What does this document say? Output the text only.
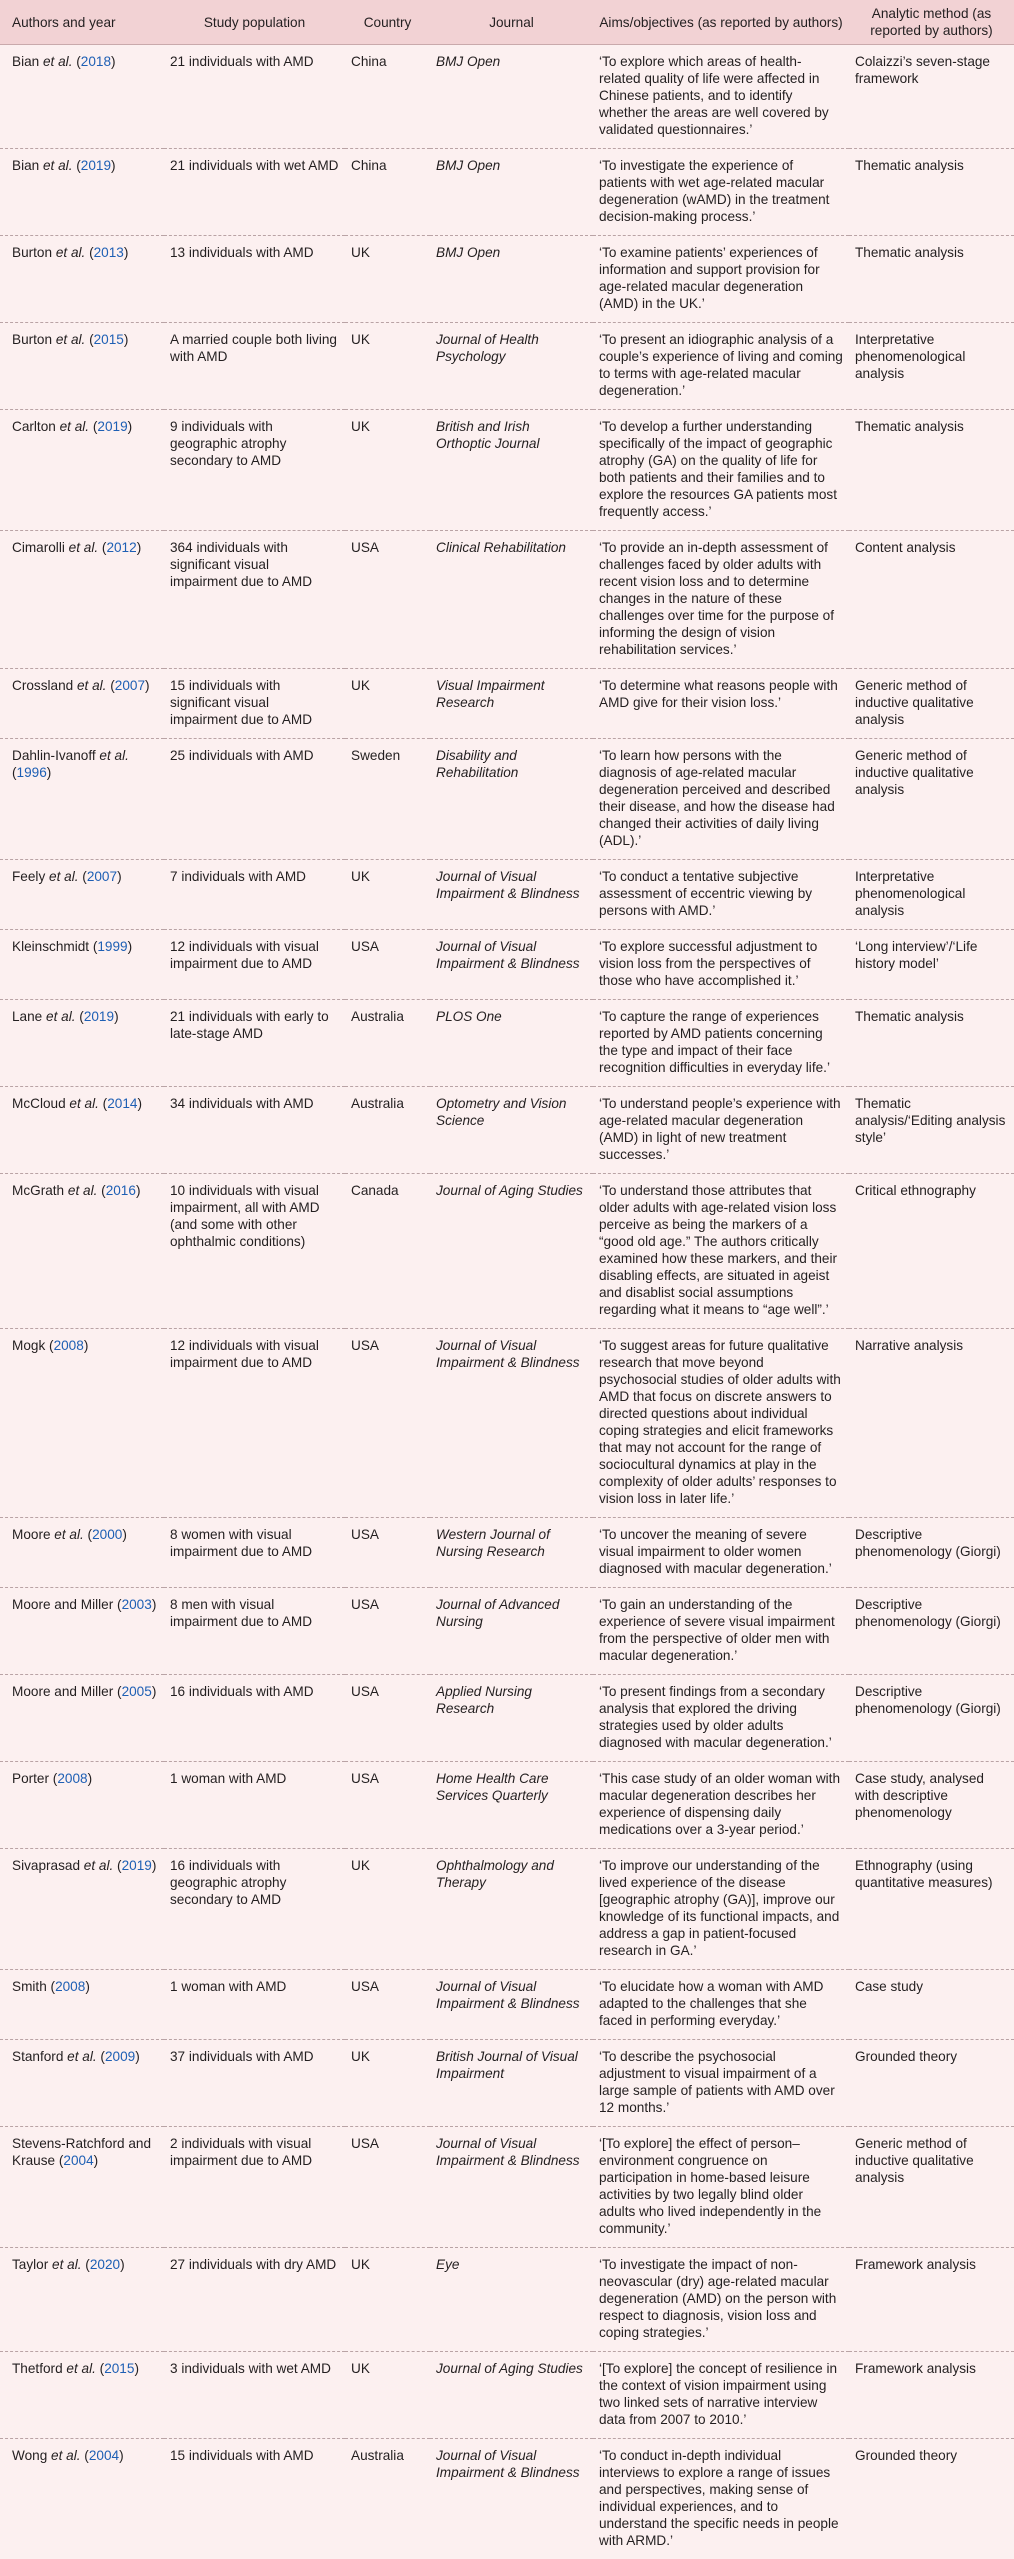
Authors and year	Study population	Country	Journal	Aims/objectives (as reported by authors)	Analytic method (as reported by authors)
Bian et al. (2018)	21 individuals with AMD	China	BMJ Open	‘To explore which areas of health-related quality of life were affected in Chinese patients, and to identify whether the areas are well covered by validated questionnaires.’	Colaizzi’s seven-stage framework
Bian et al. (2019)	21 individuals with wet AMD	China	BMJ Open	‘To investigate the experience of patients with wet age-related macular degeneration (wAMD) in the treatment decision-making process.’	Thematic analysis
Burton et al. (2013)	13 individuals with AMD	UK	BMJ Open	‘To examine patients’ experiences of information and support provision for age-related macular degeneration (AMD) in the UK.’	Thematic analysis
Burton et al. (2015)	A married couple both living with AMD	UK	Journal of Health Psychology	‘To present an idiographic analysis of a couple’s experience of living and coming to terms with age-related macular degeneration.’	Interpretative phenomenological analysis
Carlton et al. (2019)	9 individuals with geographic atrophy secondary to AMD	UK	British and Irish Orthoptic Journal	‘To develop a further understanding specifically of the impact of geographic atrophy (GA) on the quality of life for both patients and their families and to explore the resources GA patients most frequently access.’	Thematic analysis
Cimarolli et al. (2012)	364 individuals with significant visual impairment due to AMD	USA	Clinical Rehabilitation	‘To provide an in-depth assessment of challenges faced by older adults with recent vision loss and to determine changes in the nature of these challenges over time for the purpose of informing the design of vision rehabilitation services.’	Content analysis
Crossland et al. (2007)	15 individuals with significant visual impairment due to AMD	UK	Visual Impairment Research	‘To determine what reasons people with AMD give for their vision loss.’	Generic method of inductive qualitative analysis
Dahlin-Ivanoff et al. (1996)	25 individuals with AMD	Sweden	Disability and Rehabilitation	‘To learn how persons with the diagnosis of age-related macular degeneration perceived and described their disease, and how the disease had changed their activities of daily living (ADL).’	Generic method of inductive qualitative analysis
Feely et al. (2007)	7 individuals with AMD	UK	Journal of Visual Impairment & Blindness	‘To conduct a tentative subjective assessment of eccentric viewing by persons with AMD.’	Interpretative phenomenological analysis
Kleinschmidt (1999)	12 individuals with visual impairment due to AMD	USA	Journal of Visual Impairment & Blindness	‘To explore successful adjustment to vision loss from the perspectives of those who have accomplished it.’	‘Long interview’/‘Life history model’
Lane et al. (2019)	21 individuals with early to late-stage AMD	Australia	PLOS One	‘To capture the range of experiences reported by AMD patients concerning the type and impact of their face recognition difficulties in everyday life.’	Thematic analysis
McCloud et al. (2014)	34 individuals with AMD	Australia	Optometry and Vision Science	‘To understand people’s experience with age-related macular degeneration (AMD) in light of new treatment successes.’	Thematic analysis/‘Editing analysis style’
McGrath et al. (2016)	10 individuals with visual impairment, all with AMD (and some with other ophthalmic conditions)	Canada	Journal of Aging Studies	‘To understand those attributes that older adults with age-related vision loss perceive as being the markers of a “good old age.” The authors critically examined how these markers, and their disabling effects, are situated in ageist and disablist social assumptions regarding what it means to “age well”.’	Critical ethnography
Mogk (2008)	12 individuals with visual impairment due to AMD	USA	Journal of Visual Impairment & Blindness	‘To suggest areas for future qualitative research that move beyond psychosocial studies of older adults with AMD that focus on discrete answers to directed questions about individual coping strategies and elicit frameworks that may not account for the range of sociocultural dynamics at play in the complexity of older adults’ responses to vision loss in later life.’	Narrative analysis
Moore et al. (2000)	8 women with visual impairment due to AMD	USA	Western Journal of Nursing Research	‘To uncover the meaning of severe visual impairment to older women diagnosed with macular degeneration.’	Descriptive phenomenology (Giorgi)
Moore and Miller (2003)	8 men with visual impairment due to AMD	USA	Journal of Advanced Nursing	‘To gain an understanding of the experience of severe visual impairment from the perspective of older men with macular degeneration.’	Descriptive phenomenology (Giorgi)
Moore and Miller (2005)	16 individuals with AMD	USA	Applied Nursing Research	‘To present findings from a secondary analysis that explored the driving strategies used by older adults diagnosed with macular degeneration.’	Descriptive phenomenology (Giorgi)
Porter (2008)	1 woman with AMD	USA	Home Health Care Services Quarterly	‘This case study of an older woman with macular degeneration describes her experience of dispensing daily medications over a 3-year period.’	Case study, analysed with descriptive phenomenology
Sivaprasad et al. (2019)	16 individuals with geographic atrophy secondary to AMD	UK	Ophthalmology and Therapy	‘To improve our understanding of the lived experience of the disease [geographic atrophy (GA)], improve our knowledge of its functional impacts, and address a gap in patient-focused research in GA.’	Ethnography (using quantitative measures)
Smith (2008)	1 woman with AMD	USA	Journal of Visual Impairment & Blindness	‘To elucidate how a woman with AMD adapted to the challenges that she faced in performing everyday.’	Case study
Stanford et al. (2009)	37 individuals with AMD	UK	British Journal of Visual Impairment	‘To describe the psychosocial adjustment to visual impairment of a large sample of patients with AMD over 12 months.’	Grounded theory
Stevens-Ratchford and Krause (2004)	2 individuals with visual impairment due to AMD	USA	Journal of Visual Impairment & Blindness	‘[To explore] the effect of person–environment congruence on participation in home-based leisure activities by two legally blind older adults who lived independently in the community.’	Generic method of inductive qualitative analysis
Taylor et al. (2020)	27 individuals with dry AMD	UK	Eye	‘To investigate the impact of non-neovascular (dry) age-related macular degeneration (AMD) on the person with respect to diagnosis, vision loss and coping strategies.’	Framework analysis
Thetford et al. (2015)	3 individuals with wet AMD	UK	Journal of Aging Studies	‘[To explore] the concept of resilience in the context of vision impairment using two linked sets of narrative interview data from 2007 to 2010.’	Framework analysis
Wong et al. (2004)	15 individuals with AMD	Australia	Journal of Visual Impairment & Blindness	‘To conduct in-depth individual interviews to explore a range of issues and perspectives, making sense of individual experiences, and to understand the specific needs in people with ARMD.’	Grounded theory
